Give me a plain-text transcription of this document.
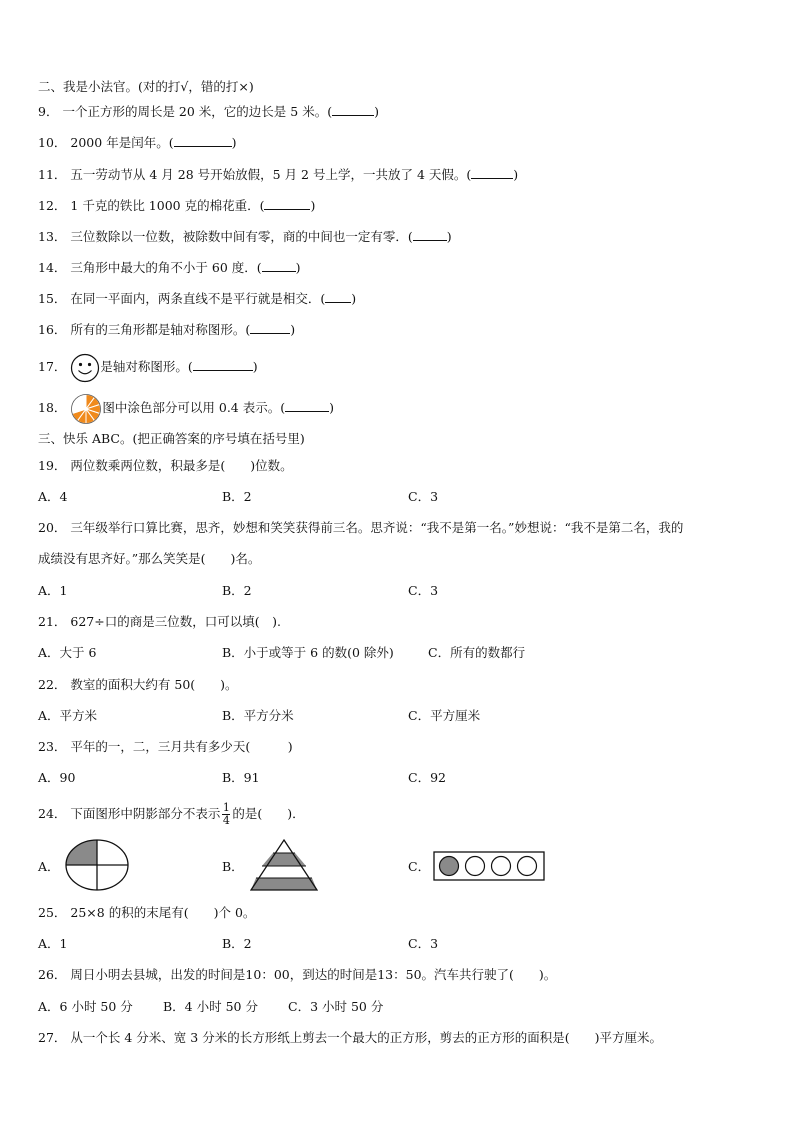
二、我是小法官。(对的打√，错的打×)
9． 一个正方形的周长是 20 米，它的边长是 5 米。(	)
10． 2000 年是闰年。(	)
11． 五一劳动节从 4 月 28 号开始放假，5 月 2 号上学，一共放了 4 天假。(	)
12． 1 千克的铁比 1000 克的棉花重．(	)
13． 三位数除以一位数，被除数中间有零，商的中间也一定有零．(	)
14． 三角形中最大的角不小于 60 度．(	)
15． 在同一平面内，两条直线不是平行就是相交．( )
16． 所有的三角形都是轴对称图形。(	)
17．	是轴对称图形。(	)
18．	图中涂色部分可以用 0.4 表示。(	)
三、快乐 ABC。(把正确答案的序号填在括号里)
19． 两位数乘两位数，积最多是(　　)位数。
A．4	B．2	C．3
20． 三年级举行口算比赛，思齐，妙想和笑笑获得前三名。思齐说：“我不是第一名。”妙想说：“我不是第二名，我的
成绩没有思齐好。”那么笑笑是(　　)名。
A．1	B．2	C．3
21． 627÷口的商是三位数，口可以填(　).
A．大于 6	B．小于或等于 6 的数(0 除外)	C．所有的数都行
22． 教室的面积大约有 50(　　)。
A．平方米	B．平方分米	C．平方厘米
23． 平年的一，二，三月共有多少天(　　　)
A．90	B．91	C．92
24． 下面图形中阴影部分不表示 $\frac{1}{4}$ 的是(　　)．
A．	B．	C．
25． 25×8 的积的末尾有(　　)个 0。
A．1	B．2	C．3
26． 周日小明去县城，出发的时间是10：00，到达的时间是13：50。汽车共行驶了(　　)。
A．6 小时 50 分 B．4 小时 50 分 C．3 小时 50 分
27． 从一个长 4 分米、宽 3 分米的长方形纸上剪去一个最大的正方形，剪去的正方形的面积是(　　)平方厘米。
